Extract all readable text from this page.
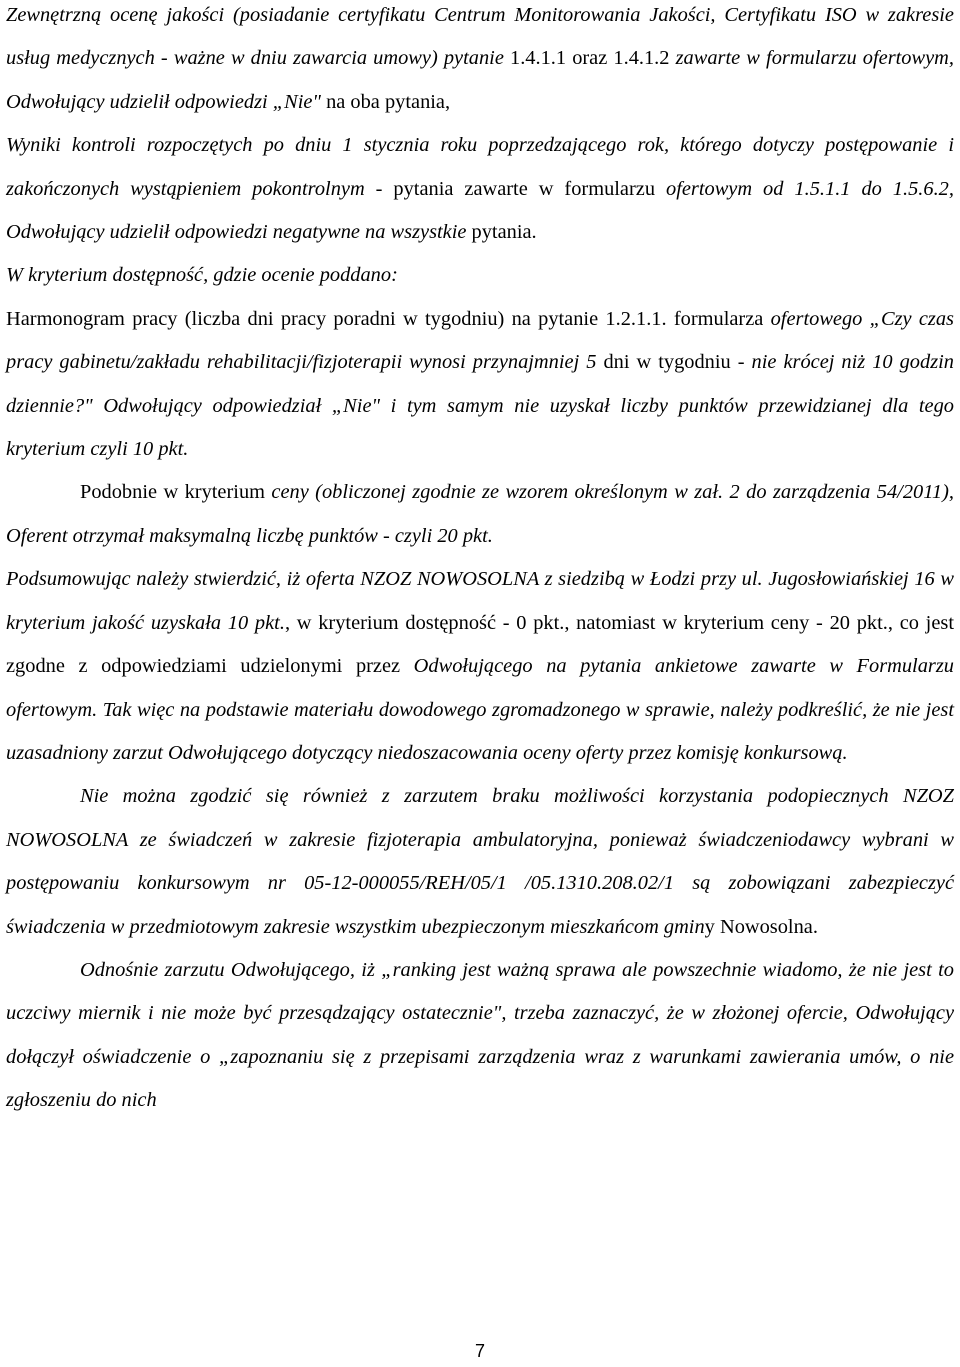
Zewnętrzną ocenę jakości (posiadanie certyfikatu Centrum Monitorowania Jakości, Certyfikatu ISO w zakresie usług medycznych - ważne w dniu zawarcia umowy) pytanie 1.4.1.1 oraz 1.4.1.2 zawarte w formularzu ofertowym, Odwołujący udzielił odpowiedzi „Nie" na oba pytania,

Wyniki kontroli rozpoczętych po dniu 1 stycznia roku poprzedzającego rok, którego dotyczy postępowanie i zakończonych wystąpieniem pokontrolnym - pytania zawarte w formularzu ofertowym od 1.5.1.1 do 1.5.6.2, Odwołujący udzielił odpowiedzi negatywne na wszystkie pytania.

W kryterium dostępność, gdzie ocenie poddano:

Harmonogram pracy (liczba dni pracy poradni w tygodniu) na pytanie 1.2.1.1. formularza ofertowego „Czy czas pracy gabinetu/zakładu rehabilitacji/fizjoterapii wynosi przynajmniej 5 dni w tygodniu - nie krócej niż 10 godzin dziennie?" Odwołujący odpowiedział „Nie" i tym samym nie uzyskał liczby punktów przewidzianej dla tego kryterium czyli 10 pkt.

Podobnie w kryterium ceny (obliczonej zgodnie ze wzorem określonym w zał. 2 do zarządzenia 54/2011), Oferent otrzymał maksymalną liczbę punktów - czyli 20 pkt.

Podsumowując należy stwierdzić, iż oferta NZOZ NOWOSOLNA z siedzibą w Łodzi przy ul. Jugosłowiańskiej 16 w kryterium jakość uzyskała 10 pkt., w kryterium dostępność - 0 pkt., natomiast w kryterium ceny - 20 pkt., co jest zgodne z odpowiedziami udzielonymi przez Odwołującego na pytania ankietowe zawarte w Formularzu ofertowym. Tak więc na podstawie materiału dowodowego zgromadzonego w sprawie, należy podkreślić, że nie jest uzasadniony zarzut Odwołującego dotyczący niedoszacowania oceny oferty przez komisję konkursową.

Nie można zgodzić się również z zarzutem braku możliwości korzystania podopiecznych NZOZ NOWOSOLNA ze świadczeń w zakresie fizjoterapia ambulatoryjna, ponieważ świadczeniodawcy wybrani w postępowaniu konkursowym nr 05-12-000055/REH/05/1 /05.1310.208.02/1 są zobowiązani zabezpieczyć świadczenia w przedmiotowym zakresie wszystkim ubezpieczonym mieszkańcom gminy Nowosolna.

Odnośnie zarzutu Odwołującego, iż „ranking jest ważną sprawa ale powszechnie wiadomo, że nie jest to uczciwy miernik i nie może być przesądzający ostatecznie", trzeba zaznaczyć, że w złożonej ofercie, Odwołujący dołączył oświadczenie o „zapoznaniu się z przepisami zarządzenia wraz z warunkami zawierania umów, o nie zgłoszeniu do nich

7
